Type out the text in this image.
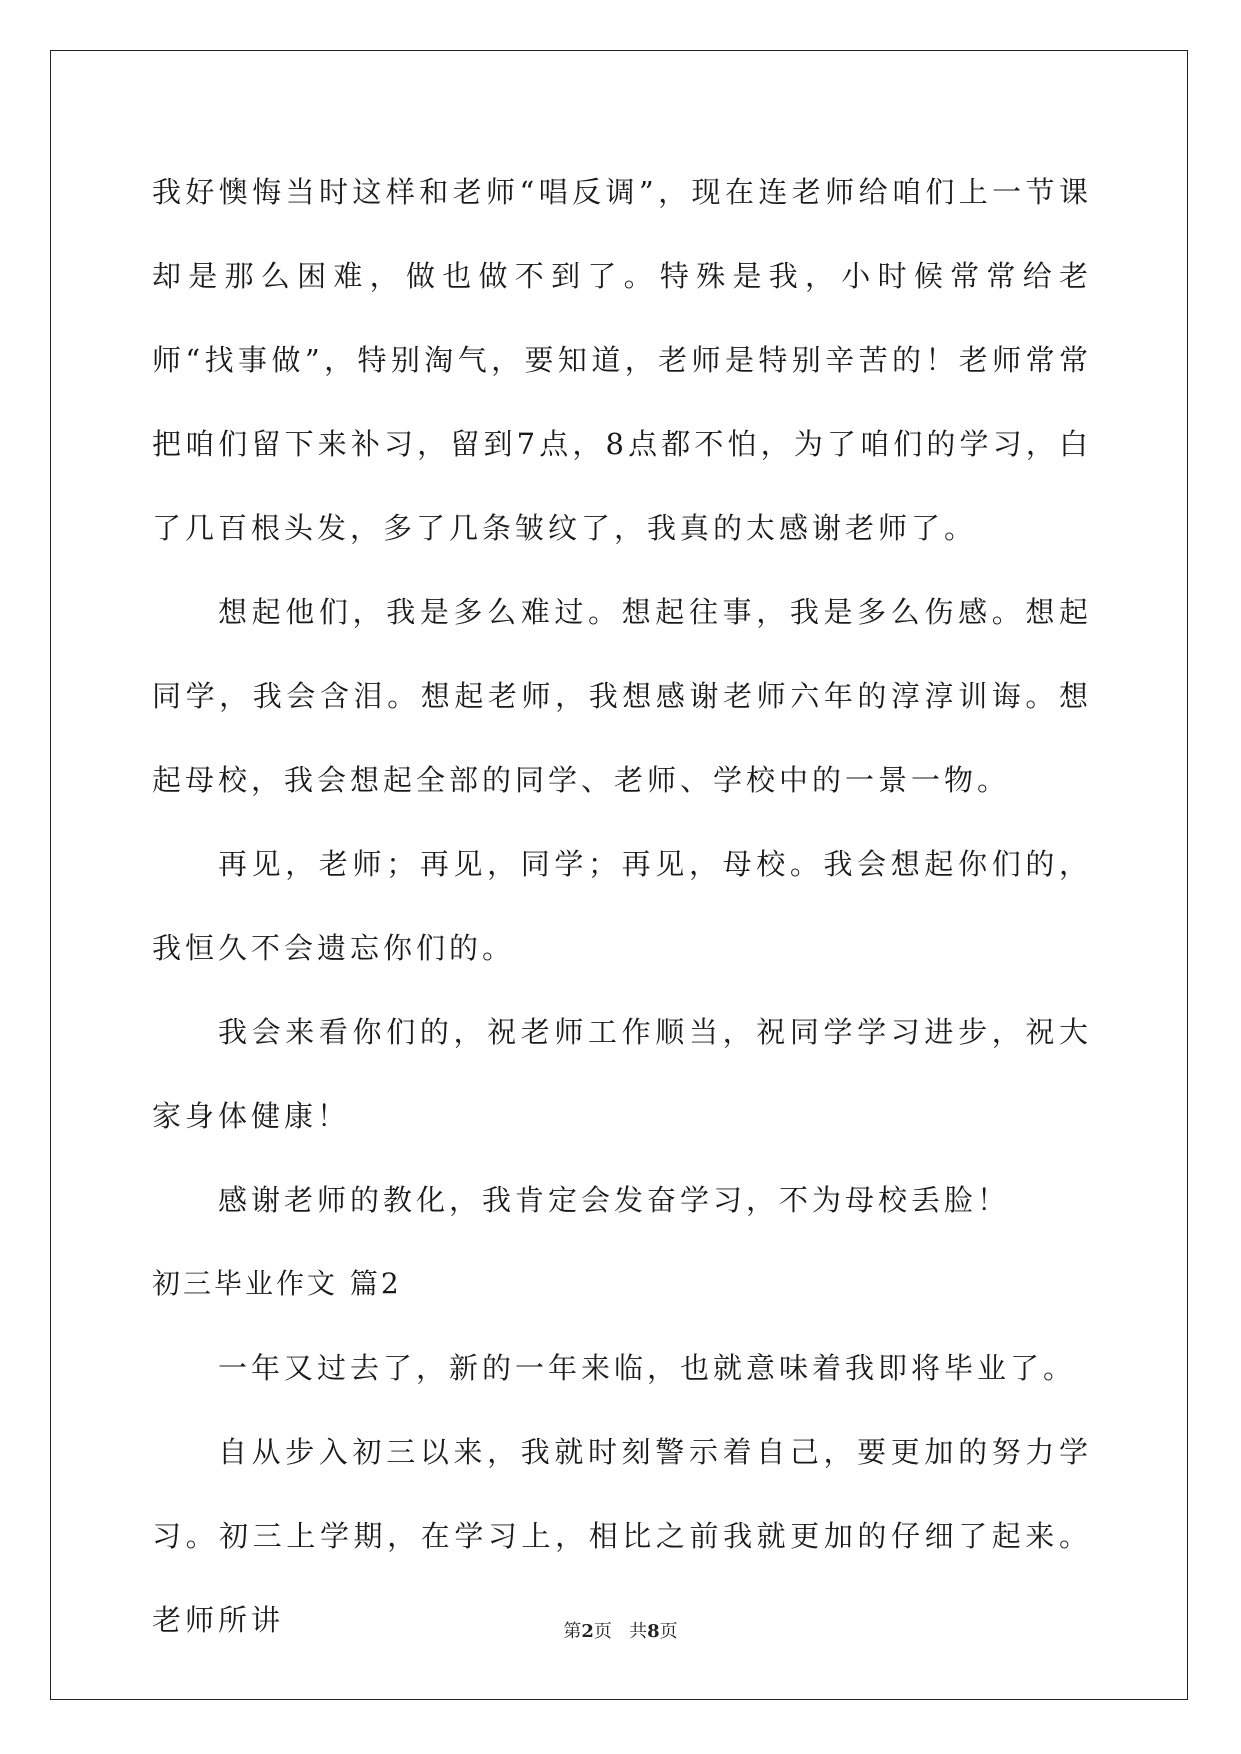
我好懊悔当时这样和老师“唱反调”，现在连老师给咱们上一节课却是那么困难，做也做不到了。特殊是我，小时候常常给老师“找事做”，特别淘气，要知道，老师是特别辛苦的！老师常常把咱们留下来补习，留到7点，8点都不怕，为了咱们的学习，白了几百根头发，多了几条皱纹了，我真的太感谢老师了。

想起他们，我是多么难过。想起往事，我是多么伤感。想起同学，我会含泪。想起老师，我想感谢老师六年的淳淳训诲。想起母校，我会想起全部的同学、老师、学校中的一景一物。

再见，老师；再见，同学；再见，母校。我会想起你们的，我恒久不会遗忘你们的。

我会来看你们的，祝老师工作顺当，祝同学学习进步，祝大家身体健康！

感谢老师的教化，我肯定会发奋学习，不为母校丢脸！

初三毕业作文 篇2

一年又过去了，新的一年来临，也就意味着我即将毕业了。

自从步入初三以来，我就时刻警示着自己，要更加的努力学习。初三上学期，在学习上，相比之前我就更加的仔细了起来。老师所讲	第2页 共8页
